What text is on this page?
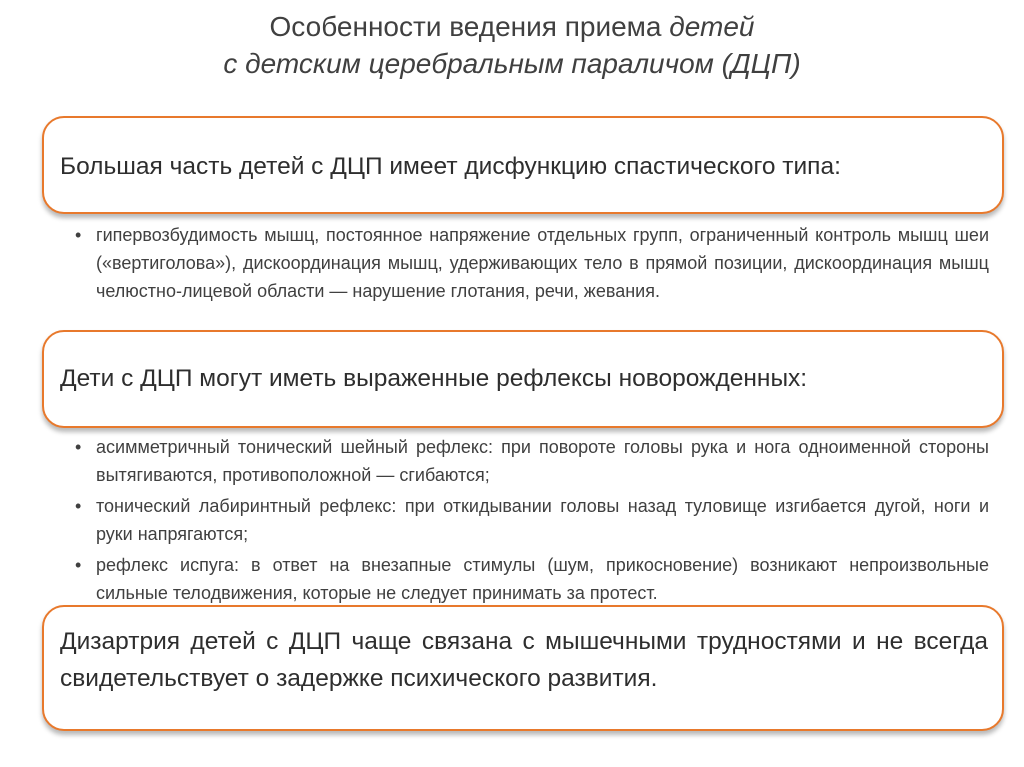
Особенности ведения приема детей
с детским церебральным параличом (ДЦП)
Большая часть детей с ДЦП имеет дисфункцию спастического типа:
• гипервозбудимость мышц, постоянное напряжение отдельных групп, ограниченный контроль мышц шеи («вертиголова»), дискоординация мышц, удерживающих тело в прямой позиции, дискоординация мышц челюстно-лицевой области — нарушение глотания, речи, жевания.
Дети с ДЦП могут иметь выраженные рефлексы новорожденных:
• асимметричный тонический шейный рефлекс: при повороте головы рука и нога одноименной стороны вытягиваются, противоположной — сгибаются;
• тонический лабиринтный рефлекс: при откидывании головы назад туловище изгибается дугой, ноги и руки напрягаются;
• рефлекс испуга: в ответ на внезапные стимулы (шум, прикосновение) возникают непроизвольные сильные телодвижения, которые не следует принимать за протест.
Дизартрия детей с ДЦП чаще связана с мышечными трудностями и не всегда свидетельствует о задержке психического развития.
